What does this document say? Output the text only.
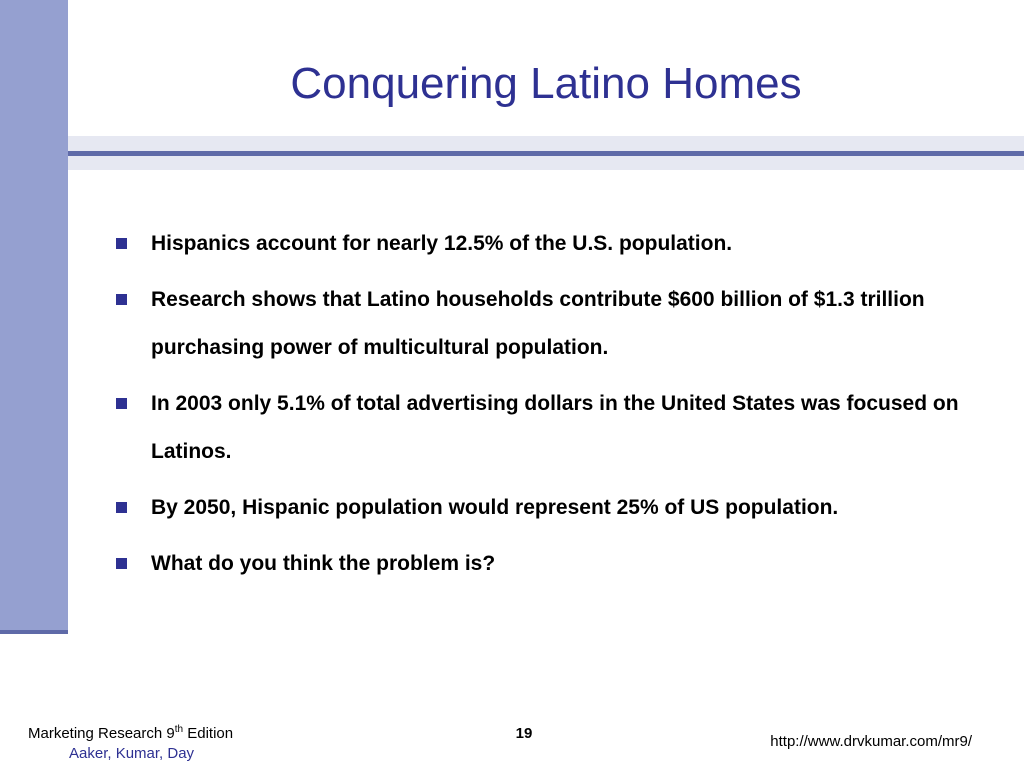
Conquering Latino Homes
Hispanics account for nearly 12.5% of the U.S. population.
Research shows that Latino households contribute $600 billion of $1.3 trillion purchasing power of multicultural population.
In 2003 only 5.1% of total advertising dollars in the United States was focused on Latinos.
By 2050, Hispanic population would represent 25% of US population.
What do you think the problem is?
Marketing Research 9th Edition
Aaker, Kumar, Day
19	http://www.drvkumar.com/mr9/
